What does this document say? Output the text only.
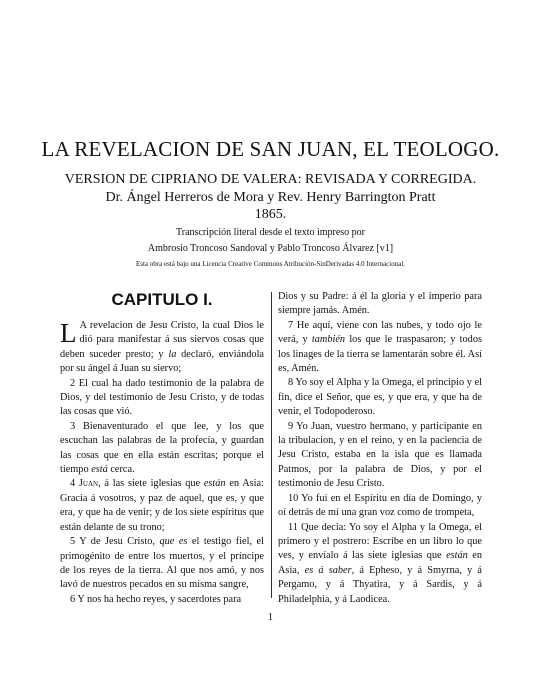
LA REVELACION DE SAN JUAN, EL TEOLOGO.

VERSION DE CIPRIANO DE VALERA: REVISADA Y CORREGIDA.

Dr. Ángel Herreros de Mora y Rev. Henry Barrington Pratt

1865.

Transcripción literal desde el texto impreso por

Ambrosio Troncoso Sandoval y Pablo Troncoso Álvarez [v1]

Esta obra está bajo una Licencia Creative Commons Atribución-SinDerivadas 4.0 Internacional.

CAPITULO I.

L A revelacion de Jesu Cristo, la cual Dios le dió para manifestar á sus siervos cosas que deben suceder presto; y la declaró, enviándola por su ángel á Juan su siervo;

2 El cual ha dado testimonio de la palabra de Dios, y del testimonio de Jesu Cristo, y de todas las cosas que vió.

3 Bienaventurado el que lee, y los que escuchan las palabras de la profecía, y guardan las cosas que en ella están escritas; porque el tiempo está cerca.

4 Juan, á las siete iglesias que están en Asia: Gracia á vosotros, y paz de aquel, que es, y que era, y que ha de venir; y de los siete espíritus que están delante de su trono;

5 Y de Jesu Cristo, que es el testigo fiel, el primogénito de entre los muertos, y el príncipe de los reyes de la tierra. Al que nos amó, y nos lavó de nuestros pecados en su misma sangre,

6 Y nos ha hecho reyes, y sacerdotes para

Dios y su Padre: á él la gloria y el imperio para siempre jamás. Amén.

7 He aquí, viene con las nubes, y todo ojo le verá, y también los que le traspasaron; y todos los linages de la tierra se lamentarán sobre él. Así es, Amén.

8 Yo soy el Alpha y la Omega, el principio y el fin, dice el Señor, que es, y que era, y que ha de venir, el Todopoderoso.

9 Yo Juan, vuestro hermano, y participante en la tribulacion, y en el reino, y en la paciencia de Jesu Cristo, estaba en la isla que es llamada Patmos, por la palabra de Dios, y por el testimonio de Jesu Cristo.

10 Yo fui en el Espíritu en día de Domingo, y oí detrás de mí una gran voz como de trompeta,

11 Que decia: Yo soy el Alpha y la Omega, el primero y el postrero: Escribe en un libro lo que ves, y envíalo á las siete iglesias que están en Asia, es á saber, á Epheso, y á Smyrna, y á Pergamo, y á Thyatira, y á Sardis, y á Philadelphia, y á Laodicea.

1
